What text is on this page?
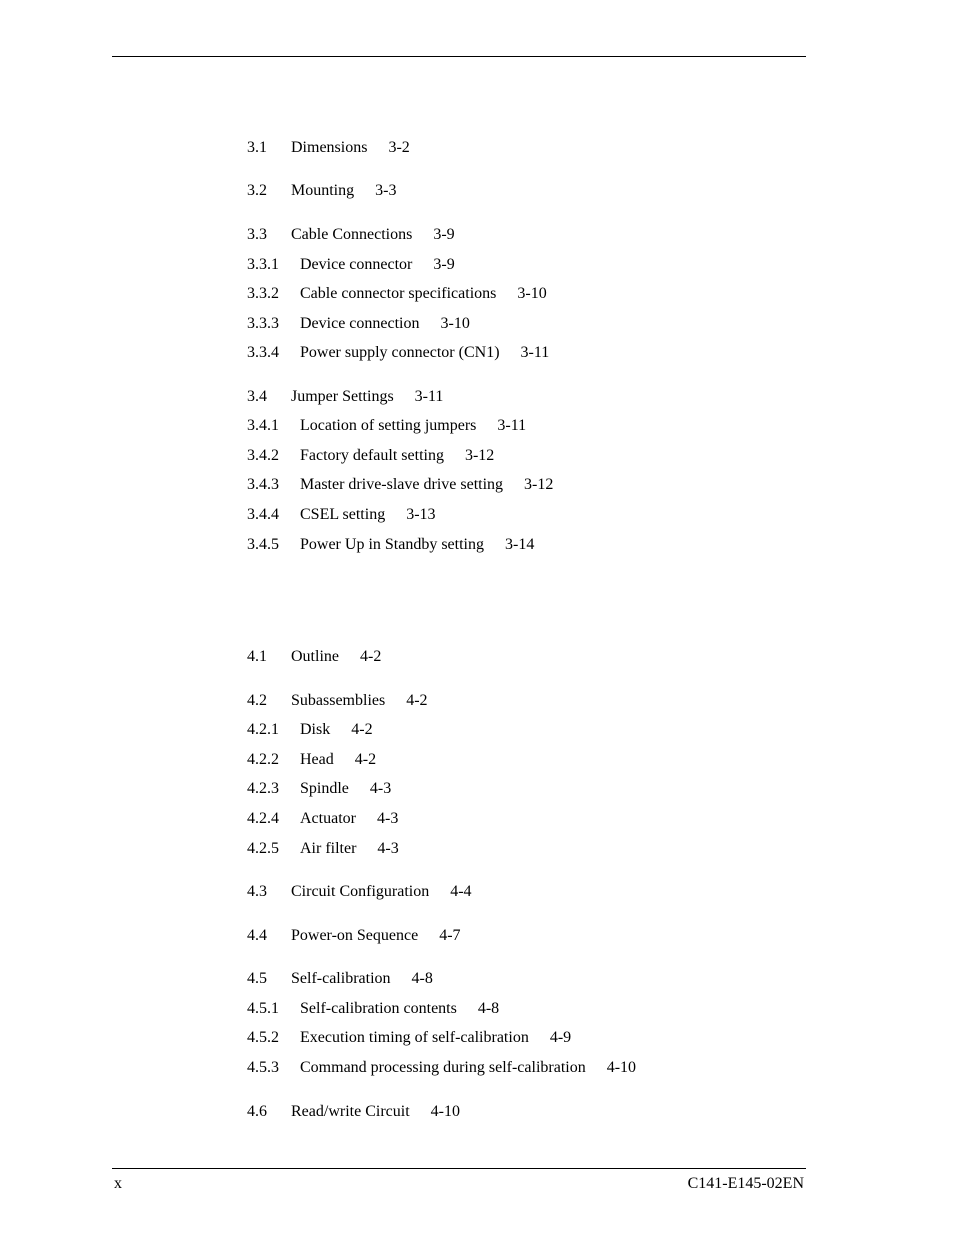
3.1 Dimensions 3-2
3.2 Mounting 3-3
3.3 Cable Connections 3-9
3.3.1 Device connector 3-9
3.3.2 Cable connector specifications 3-10
3.3.3 Device connection 3-10
3.3.4 Power supply connector (CN1) 3-11
3.4 Jumper Settings 3-11
3.4.1 Location of setting jumpers 3-11
3.4.2 Factory default setting 3-12
3.4.3 Master drive-slave drive setting 3-12
3.4.4 CSEL setting 3-13
3.4.5 Power Up in Standby setting 3-14
4.1 Outline 4-2
4.2 Subassemblies 4-2
4.2.1 Disk 4-2
4.2.2 Head 4-2
4.2.3 Spindle 4-3
4.2.4 Actuator 4-3
4.2.5 Air filter 4-3
4.3 Circuit Configuration 4-4
4.4 Power-on Sequence 4-7
4.5 Self-calibration 4-8
4.5.1 Self-calibration contents 4-8
4.5.2 Execution timing of self-calibration 4-9
4.5.3 Command processing during self-calibration 4-10
4.6 Read/write Circuit 4-10
x	C141-E145-02EN
